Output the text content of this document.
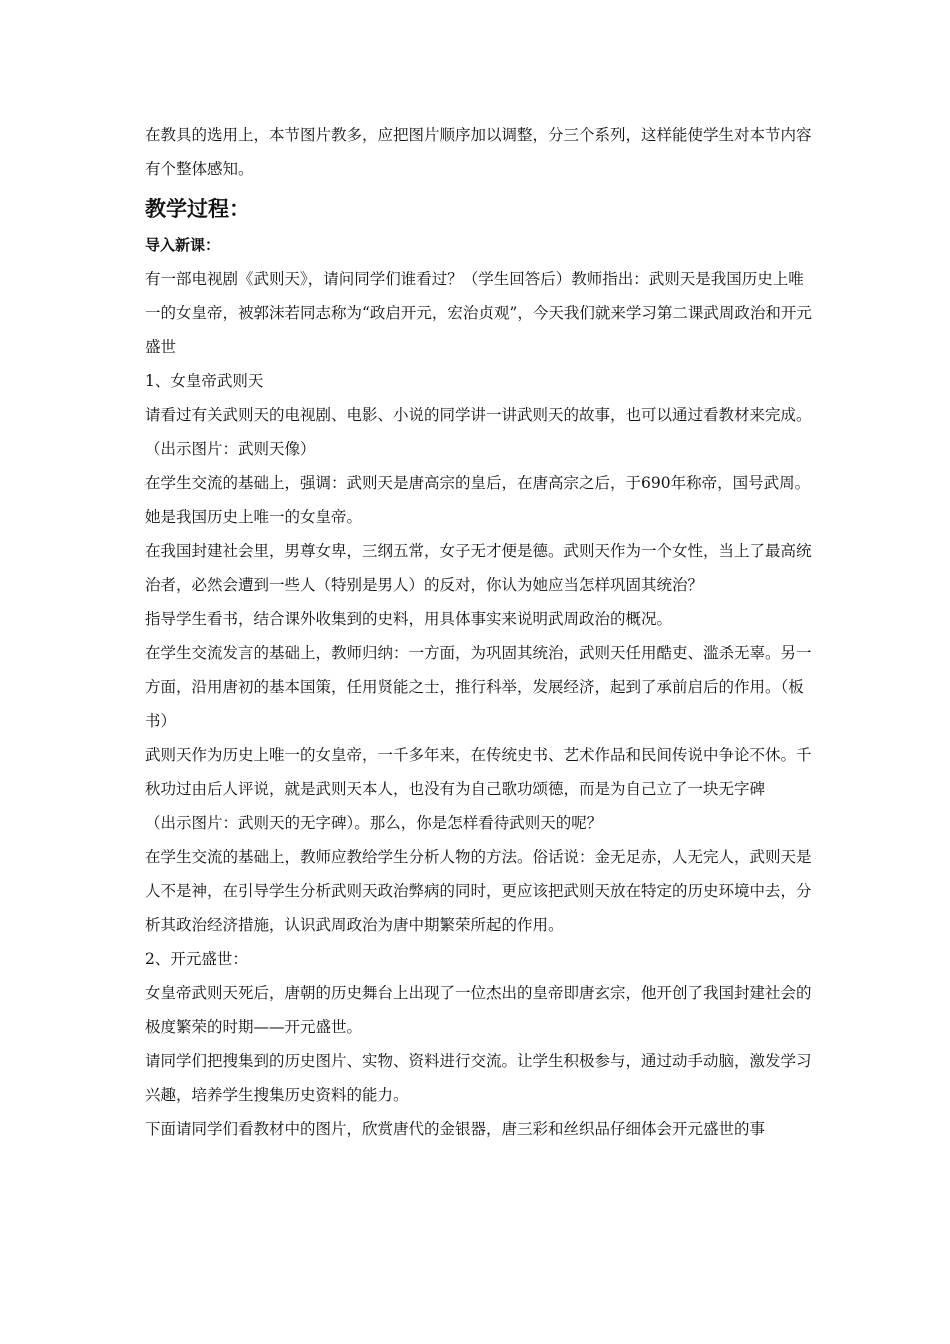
在教具的选用上，本节图片教多，应把图片顺序加以调整，分三个系列，这样能使学生对本节内容有个整体感知。

教学过程：
导入新课：

有一部电视剧《武则天》，请问同学们谁看过？（学生回答后）教师指出：武则天是我国历史上唯一的女皇帝，被郭沫若同志称为“政启开元，宏治贞观”，今天我们就来学习第二课武周政治和开元盛世

1、女皇帝武则天

请看过有关武则天的电视剧、电影、小说的同学讲一讲武则天的故事，也可以通过看教材来完成。（出示图片：武则天像）

在学生交流的基础上，强调：武则天是唐高宗的皇后，在唐高宗之后，于690年称帝，国号武周。她是我国历史上唯一的女皇帝。

在我国封建社会里，男尊女卑，三纲五常，女子无才便是德。武则天作为一个女性，当上了最高统治者，必然会遭到一些人（特别是男人）的反对，你认为她应当怎样巩固其统治？

指导学生看书，结合课外收集到的史料，用具体事实来说明武周政治的概况。

在学生交流发言的基础上，教师归纳：一方面，为巩固其统治，武则天任用酷吏、滥杀无辜。另一方面，沿用唐初的基本国策，任用贤能之士，推行科举，发展经济，起到了承前启后的作用。（板书）

武则天作为历史上唯一的女皇帝，一千多年来，在传统史书、艺术作品和民间传说中争论不休。千秋功过由后人评说，就是武则天本人，也没有为自己歌功颂德，而是为自己立了一块无字碑

（出示图片：武则天的无字碑）。那么，你是怎样看待武则天的呢？

在学生交流的基础上，教师应教给学生分析人物的方法。俗话说：金无足赤，人无完人，武则天是人不是神，在引导学生分析武则天政治弊病的同时，更应该把武则天放在特定的历史环境中去，分析其政治经济措施，认识武周政治为唐中期繁荣所起的作用。

2、开元盛世：

女皇帝武则天死后，唐朝的历史舞台上出现了一位杰出的皇帝即唐玄宗，他开创了我国封建社会的极度繁荣的时期——开元盛世。

请同学们把搜集到的历史图片、实物、资料进行交流。让学生积极参与，通过动手动脑，激发学习兴趣，培养学生搜集历史资料的能力。

下面请同学们看教材中的图片，欣赏唐代的金银器，唐三彩和丝织品仔细体会开元盛世的事
